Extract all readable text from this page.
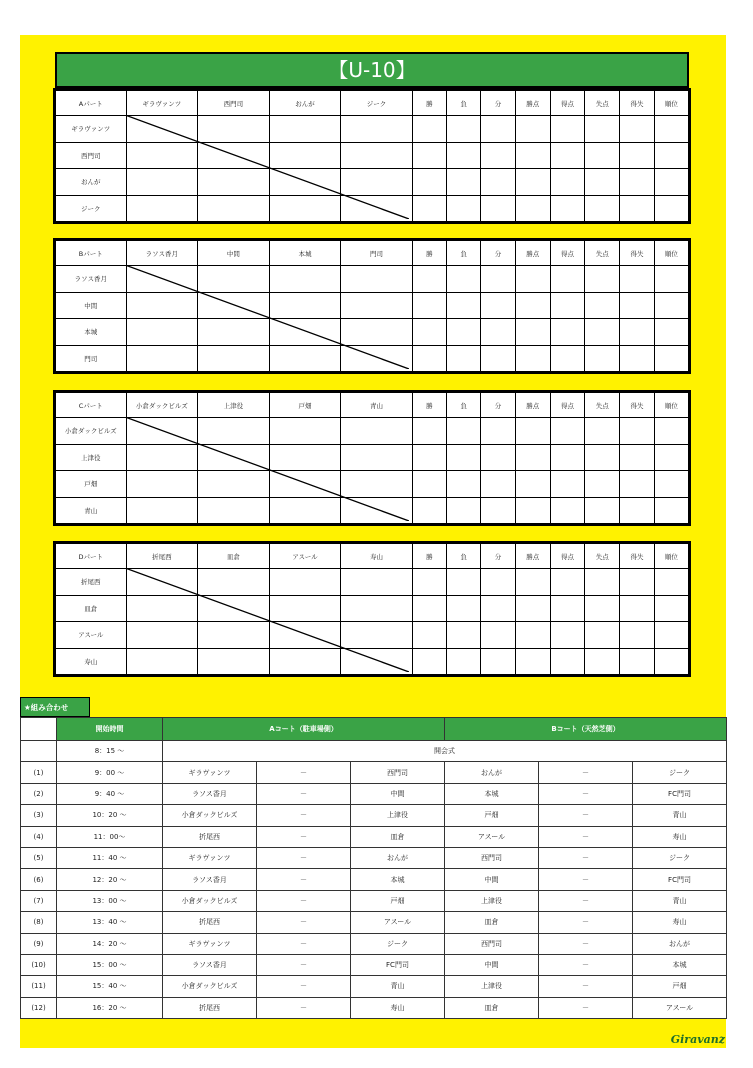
【U-10】
Aパート	ギラヴァンツ	西門司	おんが	ジーク	勝	負	分	勝点	得点	失点	得失	順位
ギラヴァンツ												
西門司												
おんが												
ジーク												
Bパート	ラソス香月	中間	本城	門司	勝	負	分	勝点	得点	失点	得失	順位
ラソス香月												
中間												
本城												
門司												
Cパート	小倉ダックビルズ	上津役	戸畑	青山	勝	負	分	勝点	得点	失点	得失	順位
小倉ダックビルズ												
上津役												
戸畑												
青山												
Dパート	折尾西	皿倉	アスール	寿山	勝	負	分	勝点	得点	失点	得失	順位
折尾西												
皿倉												
アスール												
寿山												
★組み合わせ
	開始時間	Aコート（駐車場側）			Bコート（天然芝側）		
	8：15 ～	開会式					
(1)	9：00 ～	ギラヴァンツ	－	西門司	おんが	－	ジーク
(2)	9：40 ～	ラソス香月	－	中間	本城	－	FC門司
(3)	10：20 ～	小倉ダックビルズ	－	上津役	戸畑	－	青山
(4)	11：00～	折尾西	－	皿倉	アスール	－	寿山
(5)	11：40 ～	ギラヴァンツ	－	おんが	西門司	－	ジーク
(6)	12：20 ～	ラソス香月	－	本城	中間	－	FC門司
(7)	13：00 ～	小倉ダックビルズ	－	戸畑	上津役	－	青山
(8)	13：40 ～	折尾西	－	アスール	皿倉	－	寿山
(9)	14：20 ～	ギラヴァンツ	－	ジーク	西門司	－	おんが
(10)	15：00 ～	ラソス香月	－	FC門司	中間	－	本城
(11)	15：40 ～	小倉ダックビルズ	－	青山	上津役	－	戸畑
(12)	16：20 ～	折尾西	－	寿山	皿倉	－	アスール
Giravanz
